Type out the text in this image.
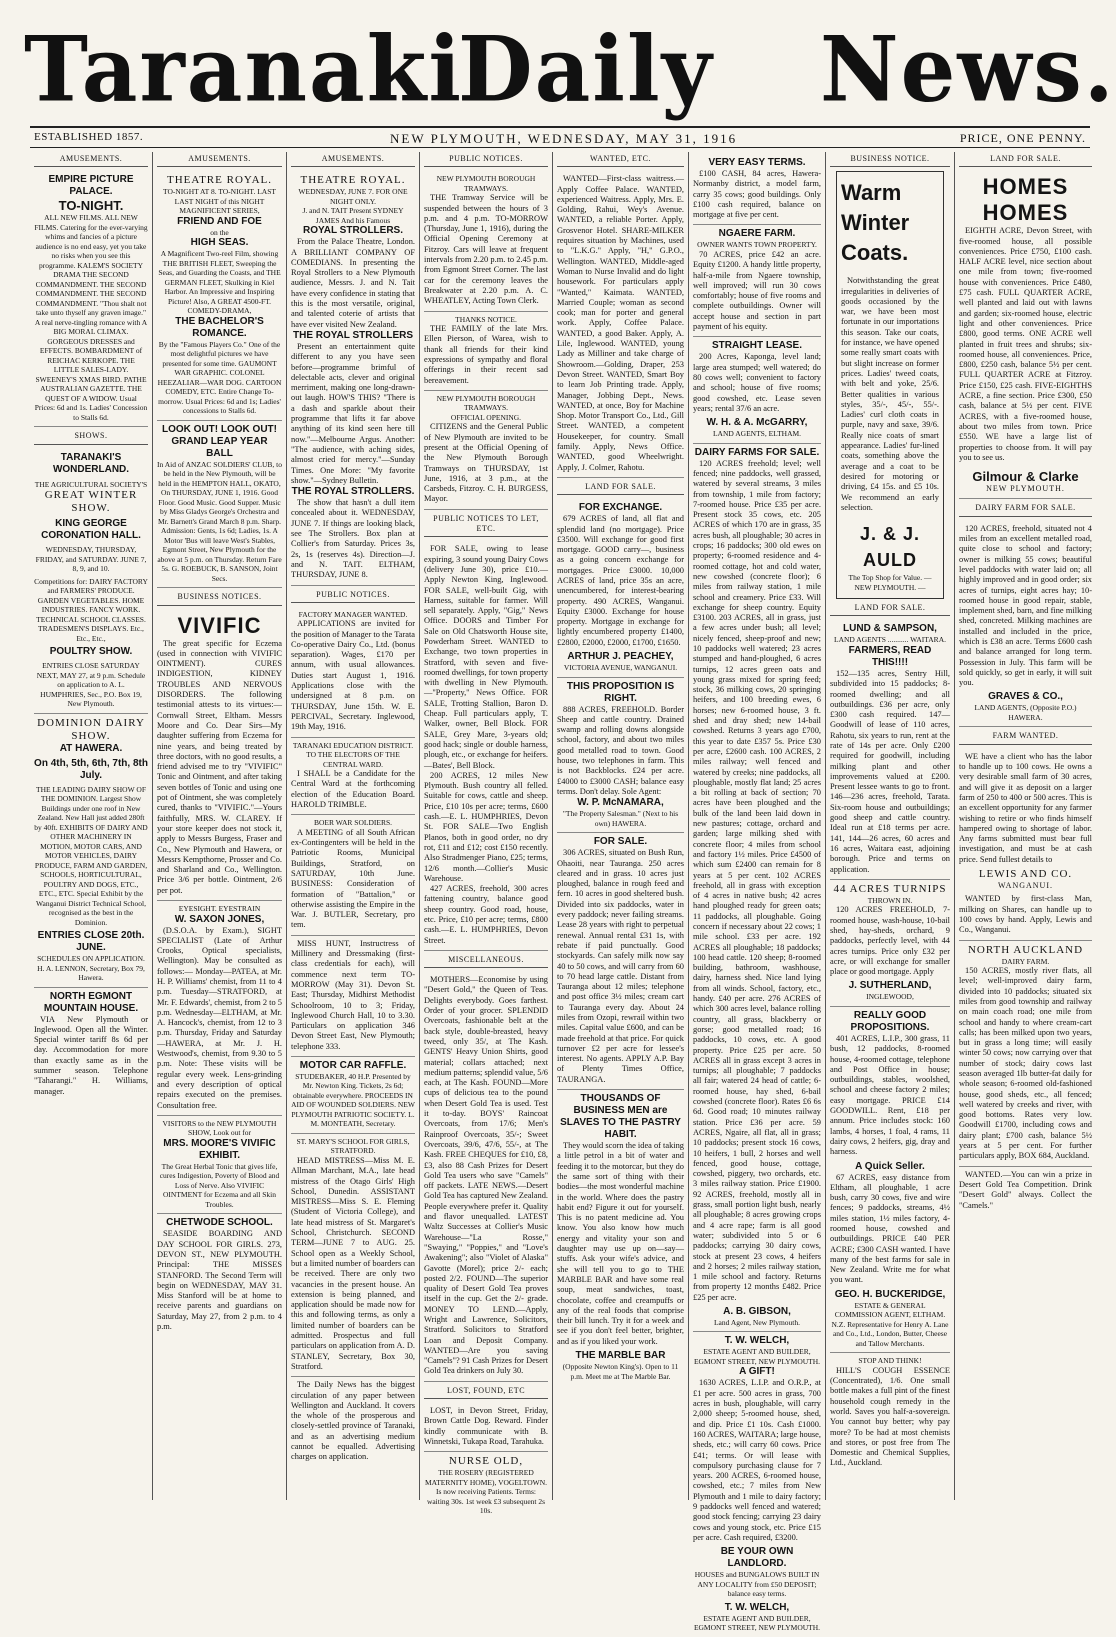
Taranaki
Daily News.
ESTABLISHED 1857.	NEW PLYMOUTH, WEDNESDAY, MAY 31, 1916	PRICE, ONE PENNY.
AMUSEMENTS.
EMPIRE PICTURE PALACE.
TO-NIGHT.
ALL NEW FILMS. ALL NEW FILMS. Catering for the ever-varying whims and fancies of a picture audience is no end easy, yet you take no risks when you see this programme. KALEM'S SOCIETY DRAMA THE SECOND COMMANDMENT. THE SECOND COMMANDMENT. THE SECOND COMMANDMENT. "Thou shalt not take unto thyself any graven image." A real nerve-tingling romance with A BIG MORAL CLIMAX. GORGEOUS DRESSES and EFFECTS. BOMBARDMENT of REICHAC KERKOPE. THE LITTLE SALES-LADY. SWEENEY'S XMAS BIRD. PATHE AUSTRALIAN GAZETTE. THE QUEST OF A WIDOW. Usual Prices: 6d and 1s. Ladies' Concession to Stalls 6d.
SHOWS.
TARANAKI'S WONDERLAND.
THE AGRICULTURAL SOCIETY'S
GREAT WINTER SHOW.
KING GEORGE CORONATION HALL.
WEDNESDAY, THURSDAY, FRIDAY, and SATURDAY. JUNE 7, 8, 9, and 10.
Competitions for: DAIRY FACTORY and FARMERS' PRODUCE. GARDEN VEGETABLES. HOME INDUSTRIES. FANCY WORK. TECHNICAL SCHOOL CLASSES. TRADESMEN'S DISPLAYS. Etc., Etc., Etc.,
POULTRY SHOW.
ENTRIES CLOSE SATURDAY NEXT, MAY 27, at 9 p.m. Schedule on application to A. L. HUMPHRIES, Sec., P.O. Box 19, New Plymouth.
DOMINION DAIRY SHOW.
AT HAWERA.
On 4th, 5th, 6th, 7th, 8th July.
THE LEADING DAIRY SHOW OF THE DOMINION. Largest Show Buildings under one roof in New Zealand. New Hall just added 280ft by 40ft. EXHIBITS OF DAIRY AND OTHER MACHINERY IN MOTION, MOTOR CARS, AND MOTOR VEHICLES, DAIRY PRODUCE, FARM AND GARDEN, SCHOOLS, HORTICULTURAL, POULTRY AND DOGS, ETC., ETC., ETC. Special Exhibit by the Wanganui District Technical School, recognised as the best in the Dominion.
ENTRIES CLOSE 20th. JUNE.
SCHEDULES ON APPLICATION. H. A. LENNON, Secretary, Box 79, Hawera.
NORTH EGMONT MOUNTAIN HOUSE.
VIA New Plymouth or Inglewood. Open all the Winter. Special winter tariff 8s 6d per day. Accommodation for more than exactly same as in the summer season. Telephone "Taharangi." H. Williams, manager.
AMUSEMENTS.
THEATRE ROYAL.
TO-NIGHT AT 8. TO-NIGHT. LAST LAST NIGHT of this NIGHT
MAGNIFICENT SERIES,
FRIEND AND FOE
on the
HIGH SEAS.
A Magnificent Two-reel Film, showing THE BRITISH FLEET, Sweeping the Seas, and Guarding the Coasts, and THE GERMAN FLEET, Skulking in Kiel Harbor. An Impressive and Inspiring Picture! Also, A GREAT 4500-FT. COMEDY-DRAMA,
THE BACHELOR'S ROMANCE.
By the "Famous Players Co." One of the most delightful pictures we have presented for some time. GAUMONT WAR GRAPHIC. COLONEL HEEZALIAR—WAR DOG. CARTOON COMEDY, ETC. Entire Change To-morrow. Usual Prices: 6d and 1s; Ladies' concessions to Stalls 6d.
LOOK OUT! LOOK OUT!
GRAND LEAP YEAR BALL
In Aid of ANZAC SOLDIERS' CLUB, to be held in the New Plymouth, will be held in the HEMPTON HALL, OKATO, On THURSDAY, JUNE 1, 1916. Good Floor. Good Music. Good Supper. Music by Miss Gladys George's Orchestra and Mr. Barnett's Grand March 8 p.m. Sharp. Admission: Gents, 1s 6d; Ladies, 1s. A Motor 'Bus will leave West's Stables, Egmont Street, New Plymouth for the above at 5 p.m. on Thursday. Return Fare 5s. G. ROEBUCK, B. SANSON, Joint Secs.
BUSINESS NOTICES.
VIVIFIC
The great specific for Eczema (used in connection with VIVIFIC OINTMENT). CURES INDIGESTION, KIDNEY TROUBLES AND NERVOUS DISORDERS. The following testimonial attests to its virtues:— Cornwall Street, Eltham. Messrs Moore and Co. Dear Sirs—My daughter suffering from Eczema for nine years, and being treated by three doctors, with no good results, a friend advised me to try "VIVIFIC" Tonic and Ointment, and after taking seven bottles of Tonic and using one pot of Ointment, she was completely cured, thanks to "VIVIFIC."—Yours faithfully, MRS. W. CLAREY. If your store keeper does not stock it, apply to Messrs Burgess, Fraser and Co., New Plymouth and Hawera, or Messrs Kempthorne, Prosser and Co. and Sharland and Co., Wellington. Price 3/6 per bottle. Ointment, 2/6 per pot.
EYESIGHT. EYESTRAIN
W. SAXON JONES,
(D.S.O.A. by Exam.), SIGHT SPECIALIST (Late of Arthur Crooks, Optical specialists, Wellington). May be consulted as follows:— Monday—PATEA, at Mr. H. P. Williams' chemist, from 11 to 4 p.m. Tuesday—STRATFORD, at Mr. F. Edwards', chemist, from 2 to 5 p.m. Wednesday—ELTHAM, at Mr. A. Hancock's, chemist, from 12 to 3 p.m. Thursday, Friday and Saturday—HAWERA, at Mr. J. H. Westwood's, chemist, from 9.30 to 5 p.m. Note: These visits will be regular every week. Lens-grinding and every description of optical repairs executed on the premises. Consultation free.
VISITORS to the NEW PLYMOUTH SHOW, Look out for
MRS. MOORE'S VIVIFIC EXHIBIT.
The Great Herbal Tonic that gives life, cures Indigestion, Poverty of Blood and Loss of Nerve. Also VIVIFIC OINTMENT for Eczema and all Skin Troubles.
CHETWODE SCHOOL.
SEASIDE BOARDING AND DAY SCHOOL FOR GIRLS. 273, DEVON ST., NEW PLYMOUTH. Principal: THE MISSES STANFORD. The Second Term will begin on WEDNESDAY, MAY 31. Miss Stanford will be at home to receive parents and guardians on Saturday, May 27, from 2 p.m. to 4 p.m.
AMUSEMENTS.
THEATRE ROYAL.
WEDNESDAY, JUNE 7. FOR ONE NIGHT ONLY.
J. and N. TAIT Present SYDNEY JAMES And his Famous
ROYAL STROLLERS.
From the Palace Theatre, London. A BRILLIANT COMPANY OF COMEDIANS. In presenting the Royal Strollers to a New Plymouth audience, Messrs. J. and N. Tait have every confidence in stating that this is the most versatile, original, and talented coterie of artists that have ever visited New Zealand.
THE ROYAL STROLLERS
Present an entertainment quite different to any you have seen before—programme brimful of delectable acts, clever and original merriment, making one long-drawn-out laugh. HOW'S THIS? "There is a dash and sparkle about their programme that lifts it far above anything of its kind seen here till now."—Melbourne Argus. Another: "The audience, with aching sides, almost cried for mercy."—Sunday Times. One More: "My favorite show."—Sydney Bulletin.
THE ROYAL STROLLERS.
The show that hasn't a dull item concealed about it. WEDNESDAY, JUNE 7. If things are looking black, see The Strollers. Box plan at Collier's from Saturday. Prices 3s, 2s, 1s (reserves 4s). Direction—J. and N. TAIT. ELTHAM, THURSDAY, JUNE 8.
PUBLIC NOTICES.
FACTORY MANAGER WANTED.
APPLICATIONS are invited for the position of Manager to the Tarata Co-operative Dairy Co., Ltd. (bonus separation). Wages, £170 per annum, with usual allowances. Duties start August 1, 1916. Applications close with the undersigned at 8 p.m. on THURSDAY, June 15th. W. E. PERCIVAL, Secretary. Inglewood, 19th May, 1916.
TARANAKI EDUCATION DISTRICT. TO THE ELECTORS OF THE CENTRAL WARD.
I SHALL be a Candidate for the Central Ward at the forthcoming election of the Education Board. HAROLD TRIMBLE.
BOER WAR SOLDIERS.
A MEETING of all South African ex-Contingenters will be held in the Patriotic Rooms, Municipal Buildings, Stratford, on SATURDAY, 10th June. BUSINESS: Consideration of formation of "Battalion," or otherwise assisting the Empire in the War. J. BUTLER, Secretary, pro tem.
MISS HUNT, Instructress of Millinery and Dressmaking (first-class credentials for each), will commence next term TO-MORROW (May 31). Devon St. East; Thursday, Midhirst Methodist Schoolroom, 10 to 3; Friday, Inglewood Church Hall, 10 to 3.30. Particulars on application 346 Devon Street East, New Plymouth; telephone 333.
MOTOR CAR RAFFLE.
STUDEBAKER, 40 H.P. Presented by Mr. Newton King. Tickets, 2s 6d; obtainable everywhere. PROCEEDS IN AID OF WOUNDED SOLDIERS. NEW PLYMOUTH PATRIOTIC SOCIETY. L. M. MONTEATH, Secretary.
ST. MARY'S SCHOOL FOR GIRLS, STRATFORD.
HEAD MISTRESS—Miss M. E. Allman Marchant, M.A., late head mistress of the Otago Girls' High School, Dunedin. ASSISTANT MISTRESS—Miss S. E. Fleming (Student of Victoria College), and late head mistress of St. Margaret's School, Christchurch. SECOND TERM—JUNE 7 to AUG. 25. School open as a Weekly School, but a limited number of boarders can be received. There are only two vacancies in the present house. An extension is being planned, and application should be made now for this and following terms, as only a limited number of boarders can be admitted. Prospectus and full particulars on application from A. D. STANLEY, Secretary, Box 30, Stratford.
The Daily News has the biggest circulation of any paper between Wellington and Auckland. It covers the whole of the prosperous and closely-settled province of Taranaki, and as an advertising medium cannot be equalled. Advertising charges on application.
PUBLIC NOTICES.
NEW PLYMOUTH BOROUGH TRAMWAYS.
THE Tramway Service will be suspended between the hours of 3 p.m. and 4 p.m. TO-MORROW (Thursday, June 1, 1916), during the Official Opening Ceremony at Fitzroy. Cars will leave at frequent intervals from 2.20 p.m. to 2.45 p.m. from Egmont Street Corner. The last car for the ceremony leaves the Breakwater at 2.20 p.m. A. C. WHEATLEY, Acting Town Clerk.
THANKS NOTICE.
THE FAMILY of the late Mrs. Ellen Pierson, of Warea, wish to thank all friends for their kind expressions of sympathy and floral offerings in their recent sad bereavement.
NEW PLYMOUTH BOROUGH TRAMWAYS.
OFFICIAL OPENING.
CITIZENS and the General Public of New Plymouth are invited to be present at the Official Opening of the New Plymouth Borough Tramways on THURSDAY, 1st June, 1916, at 3 p.m., at the Carsbeds, Fitzroy. C. H. BURGESS, Mayor.
PUBLIC NOTICES TO LET, ETC.
FOR SALE, owing to lease expiring, 3 sound young Dairy Cows (delivery June 30), price £10.—Apply Newton King, Inglewood. FOR SALE, well-built Gig, with Harness, suitable for farmer. Will sell separately. Apply, "Gig," News Office. DOORS and Timber For Sale on Old Chatsworth House site, Powderham Street. WANTED to Exchange, two town properties in Stratford, with seven and five-roomed dwellings, for town property with dwelling in New Plymouth.—"Property," News Office. FOR SALE, Trotting Stallion, Baron D. Cheap. Full particulars apply, T. Walker, owner, Bell Block. FOR SALE, Grey Mare, 3-years old; good hack; single or double harness, plough, etc., or exchange for heifers.—Bates', Bell Block.
200 ACRES, 12 miles New Plymouth. Bush country all felled. Suitable for cows, cattle and sheep. Price, £10 10s per acre; terms, £600 cash.—E. L. HUMPHRIES, Devon St. FOR SALE—Two English Planos, both in good order, no dry rot, £11 and £12; cost £150 recently. Also Stradmenger Piano, £25; terms, 12/6 month.—Collier's Music Warehouse.
427 ACRES, freehold, 300 acres fattening country, balance good sheep country. Good road, house, etc. Price, £10 per acre; terms, £800 cash.—E. L. HUMPHRIES, Devon Street.
MISCELLANEOUS.
MOTHERS—Economise by using "Desert Gold," the Queen of Teas. Delights everybody. Goes farthest. Order of your grocer. SPLENDID Overcoats, fashionable belt at the back style, double-breasted, heavy tweed, only 35/, at The Kash. GENTS' Heavy Union Shirts, good material; collars attached; next medium patterns; splendid value, 5/6 each, at The Kash. FOUND—More cups of delicious tea to the pound when Desert Gold Tea is used. Test it to-day. BOYS' Raincoat Overcoats, from 17/6; Men's Rainproof Overcoats, 35/-; Sweet Overcoats, 39/6, 47/6, 55/-, at The Kash. FREE CHEQUES for £10, £8, £3, also 88 Cash Prizes for Desert Gold Tea users who save "Camels" off packets. LATE NEWS.—Desert Gold Tea has captured New Zealand. People everywhere prefer it. Quality and flavor unequalled. LATEST Waltz Successes at Collier's Music Warehouse—"La Rosse," "Swaying," "Poppies," and "Love's Awakening"; also "Violet of Alaska" Gavotte (Morel); price 2/- each; posted 2/2. FOUND—The superior quality of Desert Gold Tea proves itself in the cup. Get the 2/- grade. MONEY TO LEND.—Apply, Wright and Lawrence, Solicitors, Stratford. Solicitors to Stratford Loan and Deposit Company. WANTED—Are you saving "Camels"? 91 Cash Prizes for Desert Gold Tea drinkers on July 30.
LOST, FOUND, ETC
LOST, in Devon Street, Friday, Brown Cattle Dog. Reward. Finder kindly communicate with B. Winnetski, Tukapa Road, Tarahuka.
NURSE OLD,
THE ROSERY (REGISTERED MATERNITY HOME), VOGELTOWN. Is now receiving Patients. Terms: waiting 30s. 1st week £3 subsequent 2s 10s.
WANTED, ETC.
WANTED—First-class waitress.—Apply Coffee Palace. WANTED, experienced Waitress. Apply, Mrs. E. Golding, Rahui, Wey's Avenue. WANTED, a reliable Porter. Apply, Grosvenor Hotel. SHARE-MILKER requires situation by Machines, used to "L.K.G." Apply, "H," G.P.O., Wellington. WANTED, Middle-aged Woman to Nurse Invalid and do light housework. For particulars apply "Wanted," Kaimata. WANTED, Married Couple; woman as second cook; man for porter and general work. Apply, Coffee Palace. WANTED, a good Baker. Apply, A. Lile, Inglewood. WANTED, young Lady as Milliner and take charge of Showroom.—Golding, Draper, 253 Devon Street. WANTED, Smart Boy to learn Job Printing trade. Apply, Manager, Jobbing Dept., News. WANTED, at once, Boy for Machine Shop. Motor Transport Co., Ltd., Gill Street. WANTED, a competent Housekeeper, for country. Small family. Apply, News Office. WANTED, good Wheelwright. Apply, J. Colmer, Rahotu.
LAND FOR SALE.
FOR EXCHANGE.
679 ACRES of land, all flat and splendid land (no mortgage). Price £3500. Will exchange for good first mortgage. GOOD carry—, business as a going concern exchange for mortgages. Price £3000. 10,000 ACRES of land, price 35s an acre, unencumbered, for interest-bearing property. 490 ACRES, Wanganui. Equity £3000. Exchange for house property. Mortgage in exchange for lightly encumbered property £1400, £2800, £2000, £2000, £1700, £1650.
ARTHUR J. PEACHEY,
VICTORIA AVENUE, WANGANUI.
THIS PROPOSITION IS RIGHT.
888 ACRES, FREEHOLD. Border Sheep and cattle country. Drained swamp and rolling downs alongside school, factory, and about two miles good metalled road to town. Good house, two telephones in farm. This is not Backblocks. £24 per acre. £4000 to £3000 CASH; balance easy terms. Don't delay. Sole Agent:
W. P. McNAMARA,
"The Property Salesman." (Next to his own) HAWERA.
FOR SALE.
306 ACRES, situated on Bush Run, Ohaoiti, near Tauranga. 250 acres cleared and in grass. 10 acres just ploughed, balance in rough feed and fern. 10 acres in good sheltered bush. Divided into six paddocks, water in every paddock; never failing streams. Lease 28 years with right to perpetual renewal. Annual rental £31 1s, with rebate if paid punctually. Good stockyards. Can safely milk now say 40 to 50 cows, and will carry from 60 to 70 head large cattle. Distant from Tauranga about 12 miles; telephone and post office 3½ miles; cream cart to Tauranga every day. About 24 miles from Ozopi, rewrail within two miles. Capital value £600, and can be made freehold at that price. For quick turnover £2 per acre for lessee's interest. No agents. APPLY A.P. Bay of Plenty Times Office, TAURANGA.
THOUSANDS OF BUSINESS MEN are SLAVES TO THE PASTRY HABIT.
They would scorn the idea of taking a little petrol in a bit of water and feeding it to the motorcar, but they do the same sort of thing with their bodies—the most wonderful machine in the world. Where does the pastry habit end? Figure it out for yourself. This is no patent medicine ad. You know. You also know how much energy and vitality your son and daughter may use up on—say—stuffs. Ask your wife's advice, and she will tell you to go to THE MARBLE BAR and have some real soup, meat sandwiches, toast, chocolate, coffee and creampuffs or any of the real foods that comprise their bill lunch. Try it for a week and see if you don't feel better, brighter, and as if you liked your work.
THE MARBLE BAR
(Opposite Newton King's). Open to 11 p.m. Meet me at The Marble Bar.
VERY EASY TERMS.
£100 CASH, 84 acres, Hawera-Normanby district, a model farm, carry 35 cows; good buildings. Only £100 cash required, balance on mortgage at five per cent.
NGAERE FARM.
OWNER WANTS TOWN PROPERTY.
70 ACRES, price £42 an acre. Equity £1200. A handy little property, half-a-mile from Ngaere township, well improved; will run 30 cows comfortably; house of five rooms and complete outbuildings. Owner will accept house and section in part payment of his equity.
STRAIGHT LEASE.
200 Acres, Kaponga, level land; large area stumped; well watered; do 80 cows well; convenient to factory and school; house of five rooms; good cowshed, etc. Lease seven years; rental 37/6 an acre.
W. H. & A. McGARRY,
LAND AGENTS, ELTHAM.
DAIRY FARMS FOR SALE.
120 ACRES freehold; level; well fenced; nine paddocks, well grassed, watered by several streams, 3 miles from township, 1 mile from factory; 7-roomed house. Price £35 per acre. Present stock 35 cows, etc. 205 ACRES of which 170 are in grass, 35 acres bush, all ploughable; 30 acres in crops; 16 paddocks; 300 old ewes on property; 6-roomed residence and 4-roomed cottage, hot and cold water, new cowshed (concrete floor); 6 miles from railway station, 1 mile school and creamery. Price £33. Will exchange for sheep country. Equity £3100. 203 ACRES, all in grass, just a few acres under bush; all level; nicely fenced, sheep-proof and new; 10 paddocks well watered; 23 acres stumped and hand-ploughed, 6 acres turnips, 12 acres green oats and young grass mixed for spring feed; stock, 36 milking cows, 20 springing heifers, and 100 breeding ewes, 6 horses; new 6-roomed house, 3 ft. shed and dray shed; new 14-bail cowshed. Returns 3 years ago £700, this year to date £357 5s. Price £30 per acre, £2600 cash. 100 ACRES, 2 miles railway; well fenced and watered by creeks; nine paddocks, all ploughable, mostly flat land; 25 acres a bit rolling at back of section; 70 acres have been ploughed and the bulk of the land been laid down in new pastures; cottage, orchard and garden; large milking shed with concrete floor; 4 miles from school and factory 1½ miles. Price £4500 of which sum £2400 can remain for 8 years at 5 per cent. 102 ACRES freehold, all in grass with exception of 4 acres in native bush; 42 acres hand ploughed ready for green oats; 11 paddocks, all ploughable. Going concern if necessary about 22 cows; 1 mile school. £33 per acre. 192 ACRES all ploughable; 18 paddocks; 100 head cattle. 120 sheep; 8-roomed building, bathroom, washhouse, dairy, harness shed. Nice land lying from all winds. School, factory, etc., handy. £40 per acre. 276 ACRES of which 300 acres level, balance rolling country, all grass, blackberry or gorse; good metalled road; 16 paddocks, 10 cows, etc. A good property. Price £25 per acre. 50 ACRES all in grass except 3 acres in turnips; all ploughable; 7 paddocks all fair; watered 24 head of cattle; 6-roomed house, hay shed, 6-bail cowshed (concrete floor). Rates £6 6s 6d. Good road; 10 minutes railway station. Price £36 per acre. 59 ACRES, Ngaire, all flat, all in grass; 10 paddocks; present stock 16 cows, 10 heifers, 1 bull, 2 horses and well fenced, good house, cottage, cowshed, piggery, two orchards, etc. 3 miles railway station. Price £1900. 92 ACRES, freehold, mostly all in grass, small portion light bush, nearly all ploughable; 8 acres growing crops and 4 acre rape; farm is all good water; subdivided into 5 or 6 paddocks; carrying 30 dairy cows, stock at present 23 cows, 4 heifers and 2 horses; 2 miles railway station, 1 mile school and factory. Returns from property 12 months £482. Price £25 per acre.
A. B. GIBSON,
Land Agent, New Plymouth.
T. W. WELCH,
ESTATE AGENT AND BUILDER, EGMONT STREET, NEW PLYMOUTH.
A GIFT!
1630 ACRES, L.I.P. and O.R.P., at £1 per acre. 500 acres in grass, 700 acres in bush, ploughable, will carry 2,000 sheep; 5-roomed house, shed, and dip. Price £1 10s. Cash £1000. 160 ACRES, WAITARA; large house, sheds, etc.; will carry 60 cows. Price £41; terms. Or will lease with compulsory purchasing clause for 7 years. 200 ACRES, 6-roomed house, cowshed, etc.; 7 miles from New Plymouth and 1 mile to dairy factory; 9 paddocks well fenced and watered; good stock fencing; carrying 23 dairy cows and young stock, etc. Price £15 per acre. Cash required, £3200.
BE YOUR OWN LANDLORD.
HOUSES and BUNGALOWS BUILT IN ANY LOCALITY from £50 DEPOSIT; balance easy terms.
T. W. WELCH,
ESTATE AGENT AND BUILDER, EGMONT STREET, NEW PLYMOUTH.
BUSINESS NOTICE.
Warm
Winter
Coats.
Notwithstanding the great irregularities in deliveries of goods occasioned by the war, we have been most fortunate in our importations this season. Take our coats, for instance, we have opened some really smart coats with but slight increase on former prices. Ladies' tweed coats, with belt and yoke, 25/6. Better qualities in various styles, 35/-, 45/-, 55/-. Ladies' curl cloth coats in purple, navy and saxe, 39/6. Really nice coats of smart appearance. Ladies' fur-lined coats, something above the average and a coat to be desired for motoring or driving, £4 15s. and £5 10s. We recommend an early selection.
J. & J. AULD
The Top Shop for Value. — NEW PLYMOUTH. —
LAND FOR SALE.
LUND & SAMPSON,
LAND AGENTS ........... WAITARA.
FARMERS, READ THIS!!!!
152—135 acres, Sentry Hill, subdivided into 15 paddocks; 8-roomed dwelling; and all outbuildings. £36 per acre, only £300 cash required. 147—Goodwill of lease of 110 acres, Rahotu, six years to run, rent at the rate of 14s per acre. Only £200 required for goodwill, including milking plant and other improvements valued at £200. Present lessee wants to go to front. 146—236 acres, freehold, Tarata. Six-room house and outbuildings; good sheep and cattle country. Ideal run at £18 terms per acre. 141, 144—26 acres, 60 acres and 16 acres, Waitara east, adjoining borough. Price and terms on application.
44 ACRES TURNIPS
THROWN IN.
120 ACRES FREEHOLD, 7-roomed house, wash-house, 10-bail shed, hay-sheds, orchard, 9 paddocks, perfectly level, with 44 acres turnips. Price only £32 per acre, or will exchange for smaller place or good mortgage. Apply
J. SUTHERLAND,
INGLEWOOD,
REALLY GOOD PROPOSITIONS.
401 ACRES, L.I.P., 300 grass, 11 bush, 12 paddocks, 8-roomed house, 4-roomed cottage, telephone and Post Office in house; outbuildings, stables, woolshed, school and cheese factory 2 miles; easy mortgage. PRICE £14 GOODWILL. Rent, £18 per annum. Price includes stock: 160 lambs, 4 horses, 1 foal, 4 rams, 11 dairy cows, 2 heifers, gig, dray and harness.
A Quick Seller.
67 ACRES, easy distance from Eltham, all ploughable, 1 acre bush, carry 30 cows, five and wire fences; 9 paddocks, streams, 4½ miles station, 1½ miles factory, 4-roomed house, cowshed and outbuildings. PRICE £40 PER ACRE; £300 CASH wanted. I have many of the best farms for sale in New Zealand. Write me for what you want.
GEO. H. BUCKERIDGE,
ESTATE & GENERAL COMMISSION AGENT, ELTHAM.
N.Z. Representative for Henry A. Lane and Co., Ltd., London, Butter, Cheese and Tallow Merchants.
STOP AND THINK!
HILL'S COUGH ESSENCE (Concentrated), 1/6. One small bottle makes a full pint of the finest household cough remedy in the world. Saves you half-a-sovereign. You cannot buy better; why pay more? To be had at most chemists and stores, or post free from The Domestic and Chemical Supplies, Ltd., Auckland.
LAND FOR SALE.
HOMES
HOMES
EIGHTH ACRE, Devon Street, with five-roomed house, all possible conveniences. Price £750, £100 cash. HALF ACRE level, nice section about one mile from town; five-roomed house with conveniences. Price £480, £75 cash. FULL QUARTER ACRE, well planted and laid out with lawns and garden; six-roomed house, electric light and other conveniences. Price £800, good terms. ONE ACRE well planted in fruit trees and shrubs; six-roomed house, all conveniences. Price, £800, £250 cash, balance 5½ per cent. FULL QUARTER ACRE at Fitzroy. Price £150, £25 cash. FIVE-EIGHTHS ACRE, a fine section. Price £300, £50 cash, balance at 5½ per cent. FIVE ACRES, with a five-roomed house, about two miles from town. Price £550. WE have a large list of properties to choose from. It will pay you to see us.
Gilmour & Clarke
NEW PLYMOUTH.
DAIRY FARM FOR SALE.
120 ACRES, freehold, situated not 4 miles from an excellent metalled road, quite close to school and factory; owner is milking 55 cows; beautiful level paddocks with water laid on; all highly improved and in good order; six acres of turnips, eight acres hay; 10-roomed house in good repair, stable, implement shed, barn, and fine milking shed, concreted. Milking machines are installed and included in the price, which is £38 an acre. Terms £600 cash and balance arranged for long term. Possession in July. This farm will be sold quickly, so get in early, it will suit you.
GRAVES & CO.,
LAND AGENTS, (Opposite P.O.) HAWERA.
FARM WANTED.
WE have a client who has the labor to handle up to 100 cows. He owns a very desirable small farm of 30 acres, and will give it as deposit on a larger farm of 250 to 400 or 500 acres. This is an excellent opportunity for any farmer wishing to retire or who finds himself hampered owing to shortage of labor. Any farms submitted must bear full investigation, and must be at cash price. Send fullest details to
LEWIS AND CO.
WANGANUI.
WANTED by first-class Man, milking on Shares, can handle up to 100 cows by hand. Apply, Lewis and Co., Wanganui.
NORTH AUCKLAND
DAIRY FARM.
150 ACRES, mostly river flats, all level; well-improved dairy farm, divided into 10 paddocks; situated six miles from good township and railway on main coach road; one mile from school and handy to where cream-cart calls; has been milked upon two years, but in grass a long time; will easily winter 50 cows; now carrying over that number of stock; dairy cows last season averaged 1lb butter-fat daily for whole season; 6-roomed old-fashioned house, good sheds, etc., all fenced; well watered by creeks and river, with good bottoms. Rates very low. Goodwill £1700, including cows and dairy plant; £700 cash, balance 5½ years at 5 per cent. For further particulars apply, BOX 684, Auckland.
WANTED.—You can win a prize in Desert Gold Tea Competition. Drink "Desert Gold" always. Collect the "Camels."
